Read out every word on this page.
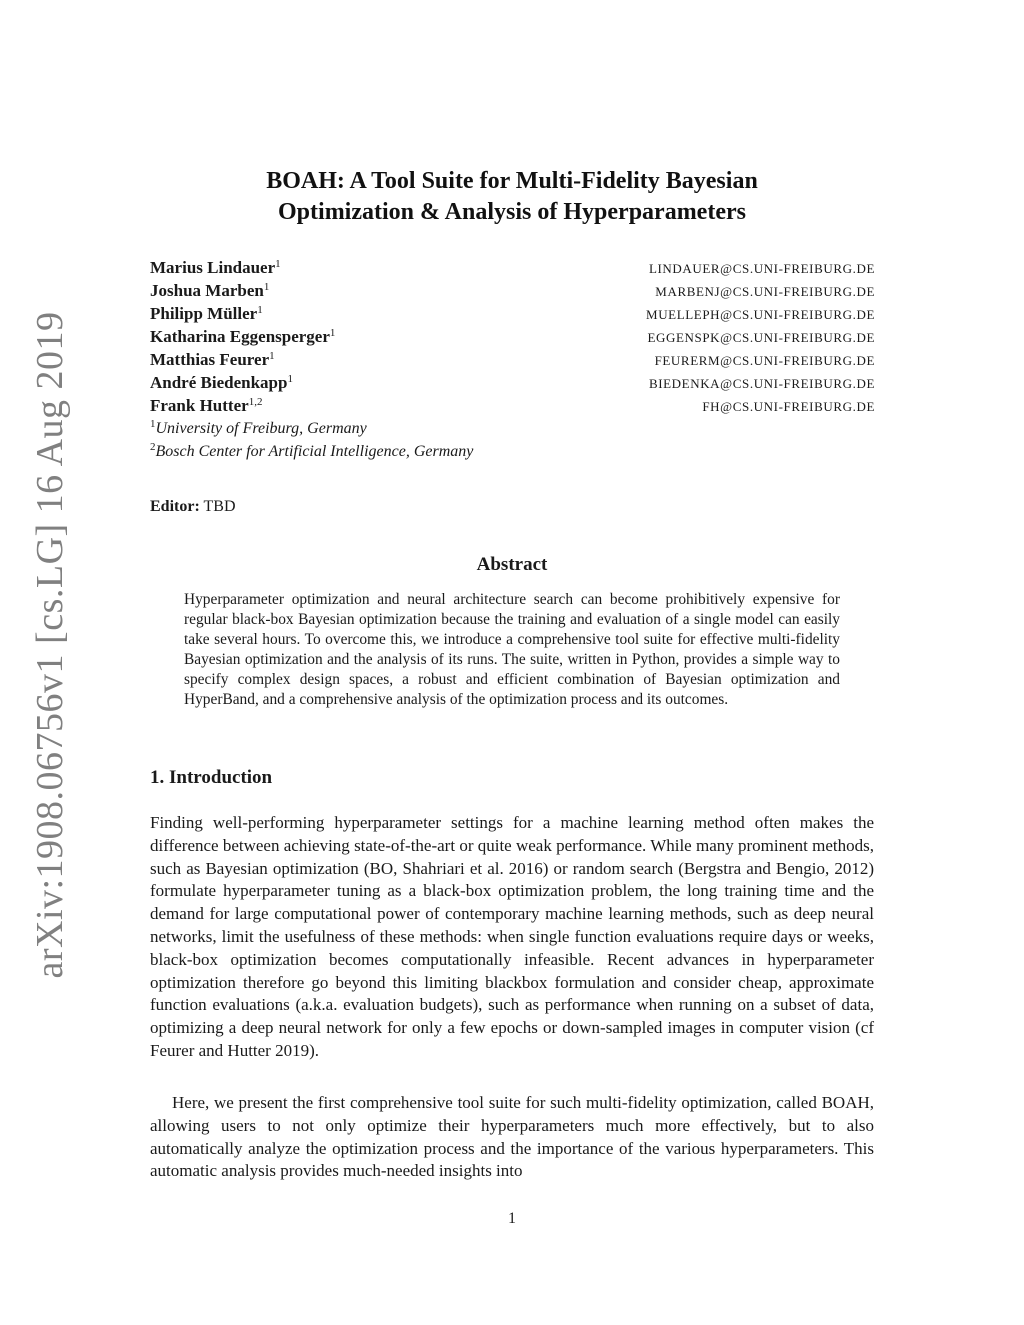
arXiv:1908.06756v1 [cs.LG] 16 Aug 2019
BOAH: A Tool Suite for Multi-Fidelity Bayesian
Optimization & Analysis of Hyperparameters
Marius Lindauer$^1$	LINDAUER@CS.UNI-FREIBURG.DE
Joshua Marben$^1$	MARBENJ@CS.UNI-FREIBURG.DE
Philipp Müller$^1$	MUELLEPH@CS.UNI-FREIBURG.DE
Katharina Eggensperger$^1$	EGGENSPK@CS.UNI-FREIBURG.DE
Matthias Feurer$^1$	FEURERM@CS.UNI-FREIBURG.DE
André Biedenkapp$^1$	BIEDENKA@CS.UNI-FREIBURG.DE
Frank Hutter$^{1,2}$	FH@CS.UNI-FREIBURG.DE
$^1$University of Freiburg, Germany
$^2$Bosch Center for Artificial Intelligence, Germany
Editor: TBD
Abstract
Hyperparameter optimization and neural architecture search can become prohibitively expensive for regular black-box Bayesian optimization because the training and evaluation of a single model can easily take several hours. To overcome this, we introduce a comprehensive tool suite for effective multi-fidelity Bayesian optimization and the analysis of its runs. The suite, written in Python, provides a simple way to specify complex design spaces, a robust and efficient combination of Bayesian optimization and HyperBand, and a comprehensive analysis of the optimization process and its outcomes.
1. Introduction
Finding well-performing hyperparameter settings for a machine learning method often makes the difference between achieving state-of-the-art or quite weak performance. While many prominent methods, such as Bayesian optimization (BO, Shahriari et al. 2016) or random search (Bergstra and Bengio, 2012) formulate hyperparameter tuning as a black-box optimization problem, the long training time and the demand for large computational power of contemporary machine learning methods, such as deep neural networks, limit the usefulness of these methods: when single function evaluations require days or weeks, black-box optimization becomes computationally infeasible. Recent advances in hyperparameter optimization therefore go beyond this limiting blackbox formulation and consider cheap, approximate function evaluations (a.k.a. evaluation budgets), such as performance when running on a subset of data, optimizing a deep neural network for only a few epochs or down-sampled images in computer vision (cf Feurer and Hutter 2019).
Here, we present the first comprehensive tool suite for such multi-fidelity optimization, called BOAH, allowing users to not only optimize their hyperparameters much more effectively, but to also automatically analyze the optimization process and the importance of the various hyperparameters. This automatic analysis provides much-needed insights into
1
